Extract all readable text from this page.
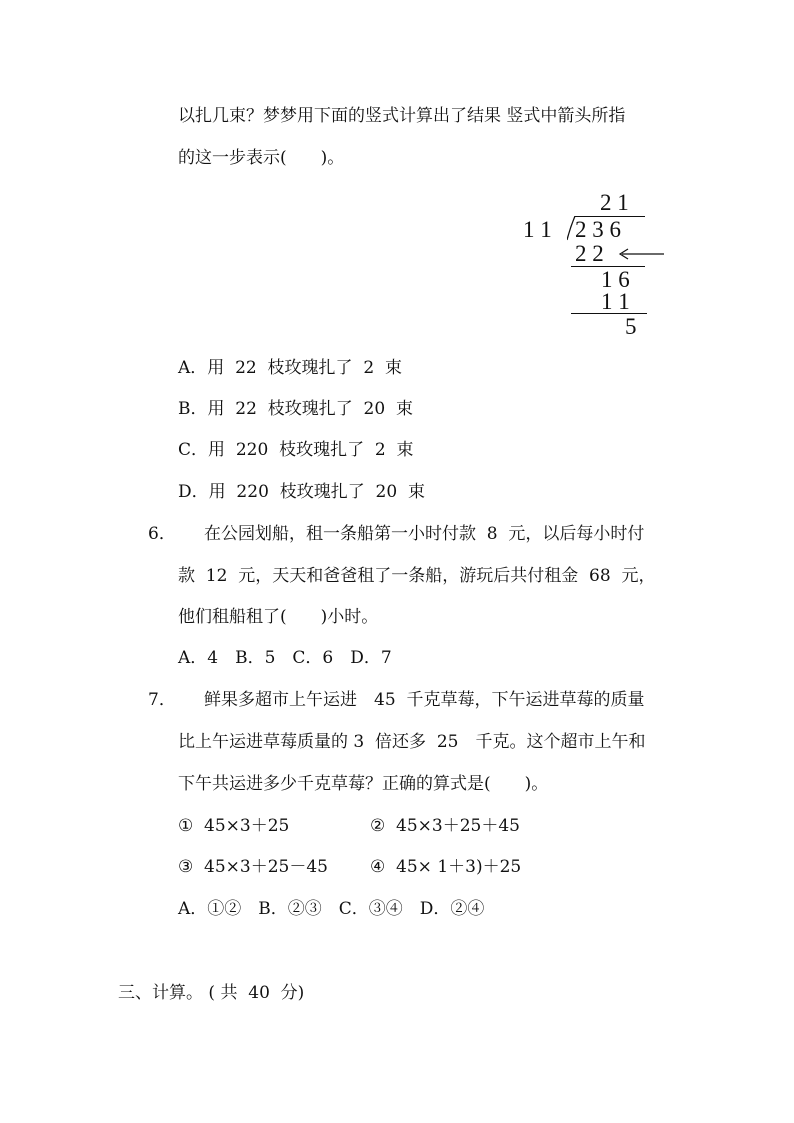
以扎几束？梦梦用下面的竖式计算出了结果 竖式中箭头所指
的这一步表示(　　)。
2 1
1 1 2 3 6
2 2
1 6
1 1
5
A．用  22  枝玫瑰扎了  2  束
B．用  22  枝玫瑰扎了  20  束
C．用  220  枝玫瑰扎了  2  束
D．用  220  枝玫瑰扎了  20  束
6． 在公园划船，租一条船第一小时付款  8  元，以后每小时付
款  12  元，天天和爸爸租了一条船，游玩后共付租金  68  元，
他们租船租了(　　)小时。
A．4　B．5　C．6　D．7
7． 鲜果多超市上午运进　45  千克草莓，下午运进草莓的质量
比上午运进草莓质量的 3  倍还多  25　千克。这个超市上午和
下午共运进多少千克草莓？正确的算式是(　　)。
①  45×3＋25	②  45×3＋25＋45
③  45×3＋25－45 ④  45× 1＋3)＋25
A．①②　B．②③　C．③④　D．②④
三、计算。 ( 共  40  分)
